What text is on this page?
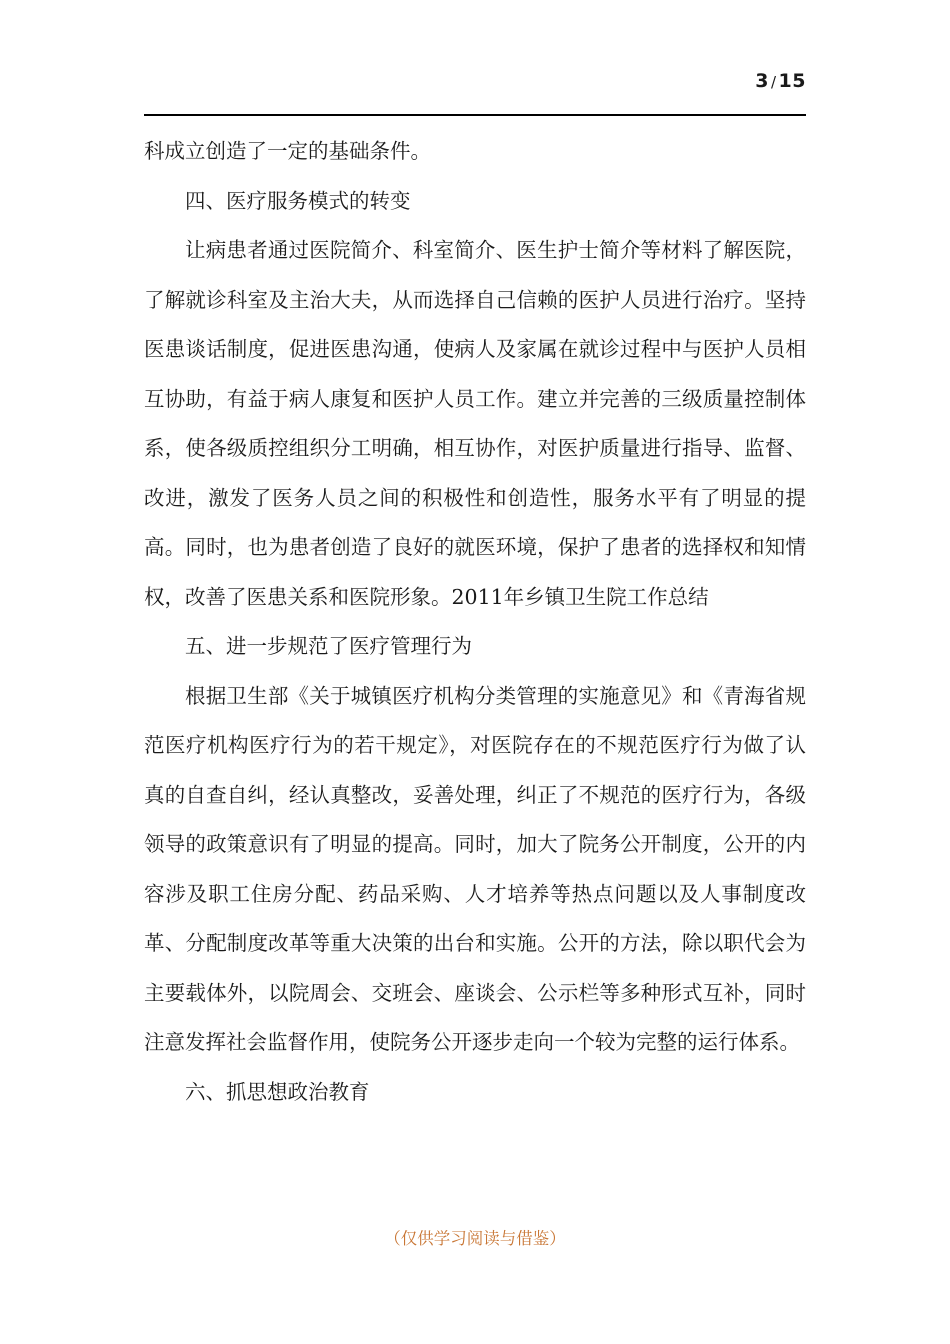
3 / 15

科成立创造了一定的基础条件。

四、医疗服务模式的转变

让病患者通过医院简介、科室简介、医生护士简介等材料了解医院，了解就诊科室及主治大夫，从而选择自己信赖的医护人员进行治疗。坚持医患谈话制度，促进医患沟通，使病人及家属在就诊过程中与医护人员相互协助，有益于病人康复和医护人员工作。建立并完善的三级质量控制体系，使各级质控组织分工明确，相互协作，对医护质量进行指导、监督、改进，激发了医务人员之间的积极性和创造性，服务水平有了明显的提高。同时，也为患者创造了良好的就医环境，保护了患者的选择权和知情权，改善了医患关系和医院形象。2011年乡镇卫生院工作总结

五、进一步规范了医疗管理行为

根据卫生部《关于城镇医疗机构分类管理的实施意见》和《青海省规范医疗机构医疗行为的若干规定》，对医院存在的不规范医疗行为做了认真的自查自纠，经认真整改，妥善处理，纠正了不规范的医疗行为，各级领导的政策意识有了明显的提高。同时，加大了院务公开制度，公开的内容涉及职工住房分配、药品采购、人才培养等热点问题以及人事制度改革、分配制度改革等重大决策的出台和实施。公开的方法，除以职代会为主要载体外，以院周会、交班会、座谈会、公示栏等多种形式互补，同时注意发挥社会监督作用，使院务公开逐步走向一个较为完整的运行体系。

六、抓思想政治教育

（仅供学习阅读与借鉴）
